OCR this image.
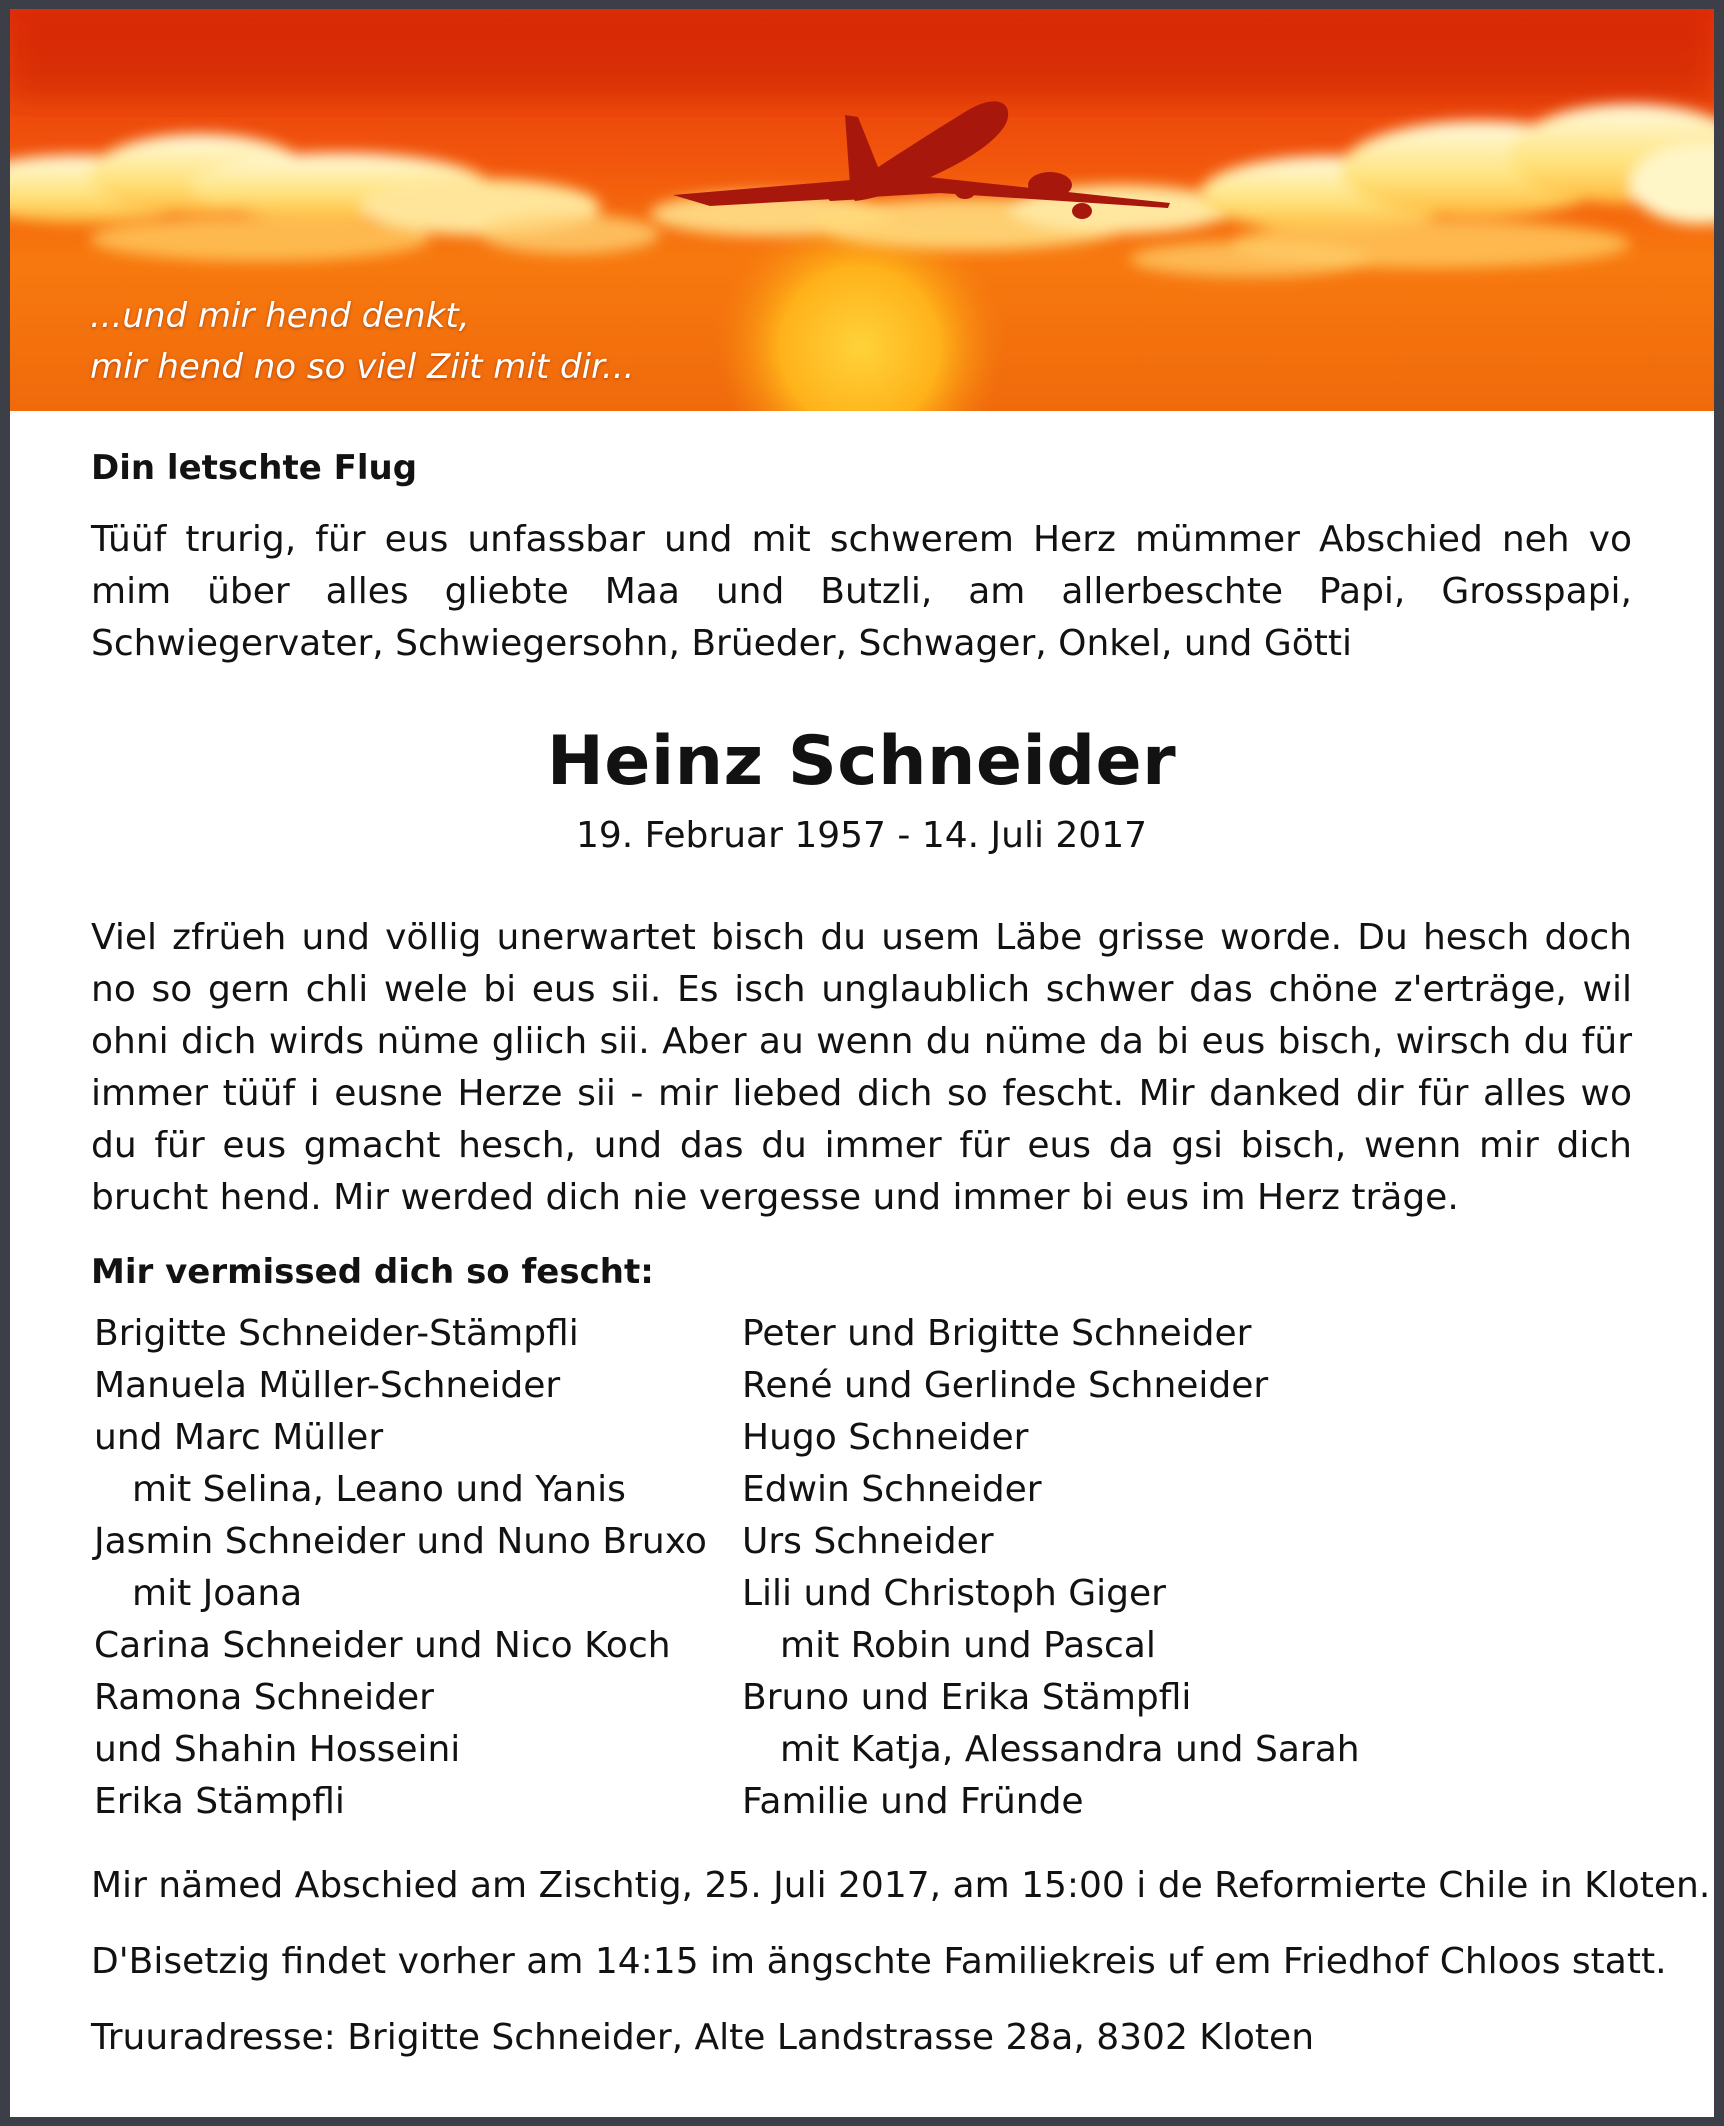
...und mir hend denkt,
mir hend no so viel Ziit mit dir...

Din letschte Flug

Tüüf trurig, für eus unfassbar und mit schwerem Herz mümmer Abschied neh vo mim über alles gliebte Maa und Butzli, am allerbeschte Papi, Grosspapi, Schwiegervater, Schwiegersohn, Brüeder, Schwager, Onkel, und Götti

Heinz Schneider

19. Februar 1957 - 14. Juli 2017

Viel zfrüeh und völlig unerwartet bisch du usem Läbe grisse worde. Du hesch doch no so gern chli wele bi eus sii. Es isch unglaublich schwer das chöne z'erträge, wil ohni dich wirds nüme gliich sii. Aber au wenn du nüme da bi eus bisch, wirsch du für immer tüüf i eusne Herze sii - mir liebed dich so fescht. Mir danked dir für alles wo du für eus gmacht hesch, und das du immer für eus da gsi bisch, wenn mir dich brucht hend. Mir werded dich nie vergesse und immer bi eus im Herz träge.

Mir vermissed dich so fescht:

Brigitte Schneider-Stämpfli
Manuela Müller-Schneider
und Marc Müller
mit Selina, Leano und Yanis
Jasmin Schneider und Nuno Bruxo
mit Joana
Carina Schneider und Nico Koch
Ramona Schneider
und Shahin Hosseini
Erika Stämpfli
Peter und Brigitte Schneider
René und Gerlinde Schneider
Hugo Schneider
Edwin Schneider
Urs Schneider
Lili und Christoph Giger
mit Robin und Pascal
Bruno und Erika Stämpfli
mit Katja, Alessandra und Sarah
Familie und Fründe

Mir nämed Abschied am Zischtig, 25. Juli 2017, am 15:00 i de Reformierte Chile in Kloten.

D'Bisetzig findet vorher am 14:15 im ängschte Familiekreis uf em Friedhof Chloos statt.

Truuradresse: Brigitte Schneider, Alte Landstrasse 28a, 8302 Kloten
